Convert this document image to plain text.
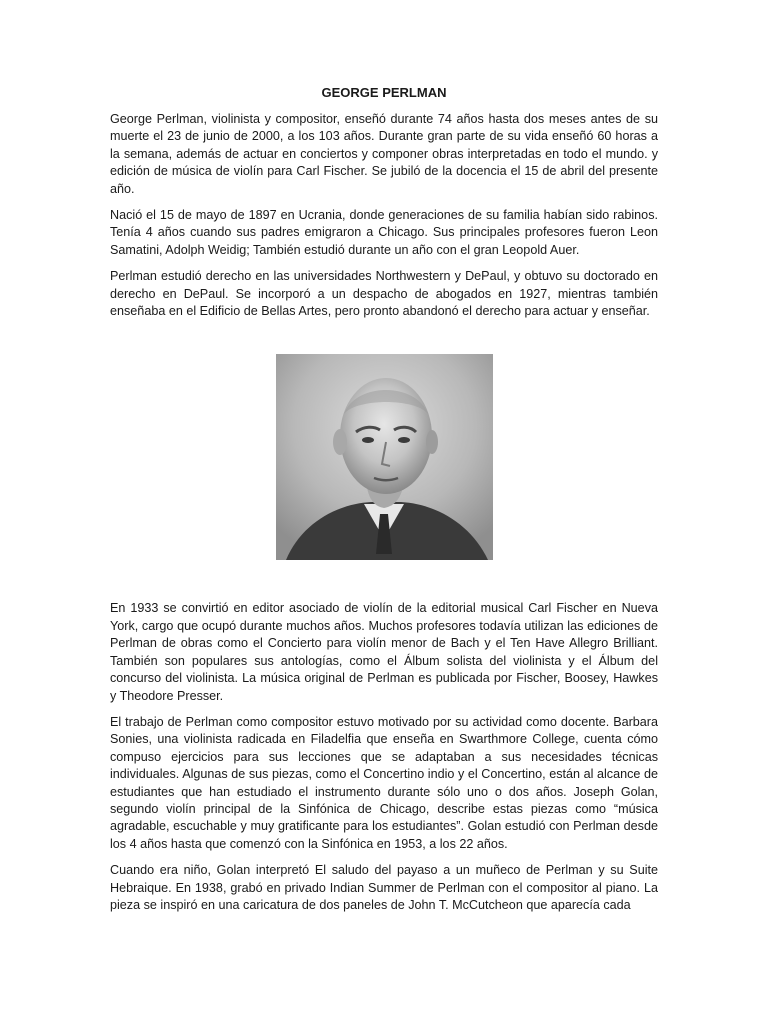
GEORGE PERLMAN

George Perlman, violinista y compositor, enseñó durante 74 años hasta dos meses antes de su muerte el 23 de junio de 2000, a los 103 años. Durante gran parte de su vida enseñó 60 horas a la semana, además de actuar en conciertos y componer obras interpretadas en todo el mundo. y edición de música de violín para Carl Fischer. Se jubiló de la docencia el 15 de abril del presente año.

Nació el 15 de mayo de 1897 en Ucrania, donde generaciones de su familia habían sido rabinos. Tenía 4 años cuando sus padres emigraron a Chicago. Sus principales profesores fueron Leon Samatini, Adolph Weidig; También estudió durante un año con el gran Leopold Auer.

Perlman estudió derecho en las universidades Northwestern y DePaul, y obtuvo su doctorado en derecho en DePaul. Se incorporó a un despacho de abogados en 1927, mientras también enseñaba en el Edificio de Bellas Artes, pero pronto abandonó el derecho para actuar y enseñar.

En 1933 se convirtió en editor asociado de violín de la editorial musical Carl Fischer en Nueva York, cargo que ocupó durante muchos años. Muchos profesores todavía utilizan las ediciones de Perlman de obras como el Concierto para violín menor de Bach y el Ten Have Allegro Brilliant. También son populares sus antologías, como el Álbum solista del violinista y el Álbum del concurso del violinista. La música original de Perlman es publicada por Fischer, Boosey, Hawkes y Theodore Presser.

El trabajo de Perlman como compositor estuvo motivado por su actividad como docente. Barbara Sonies, una violinista radicada en Filadelfia que enseña en Swarthmore College, cuenta cómo compuso ejercicios para sus lecciones que se adaptaban a sus necesidades técnicas individuales. Algunas de sus piezas, como el Concertino indio y el Concertino, están al alcance de estudiantes que han estudiado el instrumento durante sólo uno o dos años. Joseph Golan, segundo violín principal de la Sinfónica de Chicago, describe estas piezas como “música agradable, escuchable y muy gratificante para los estudiantes”. Golan estudió con Perlman desde los 4 años hasta que comenzó con la Sinfónica en 1953, a los 22 años.

Cuando era niño, Golan interpretó El saludo del payaso a un muñeco de Perlman y su Suite Hebraique. En 1938, grabó en privado Indian Summer de Perlman con el compositor al piano. La pieza se inspiró en una caricatura de dos paneles de John T. McCutcheon que aparecía cada
